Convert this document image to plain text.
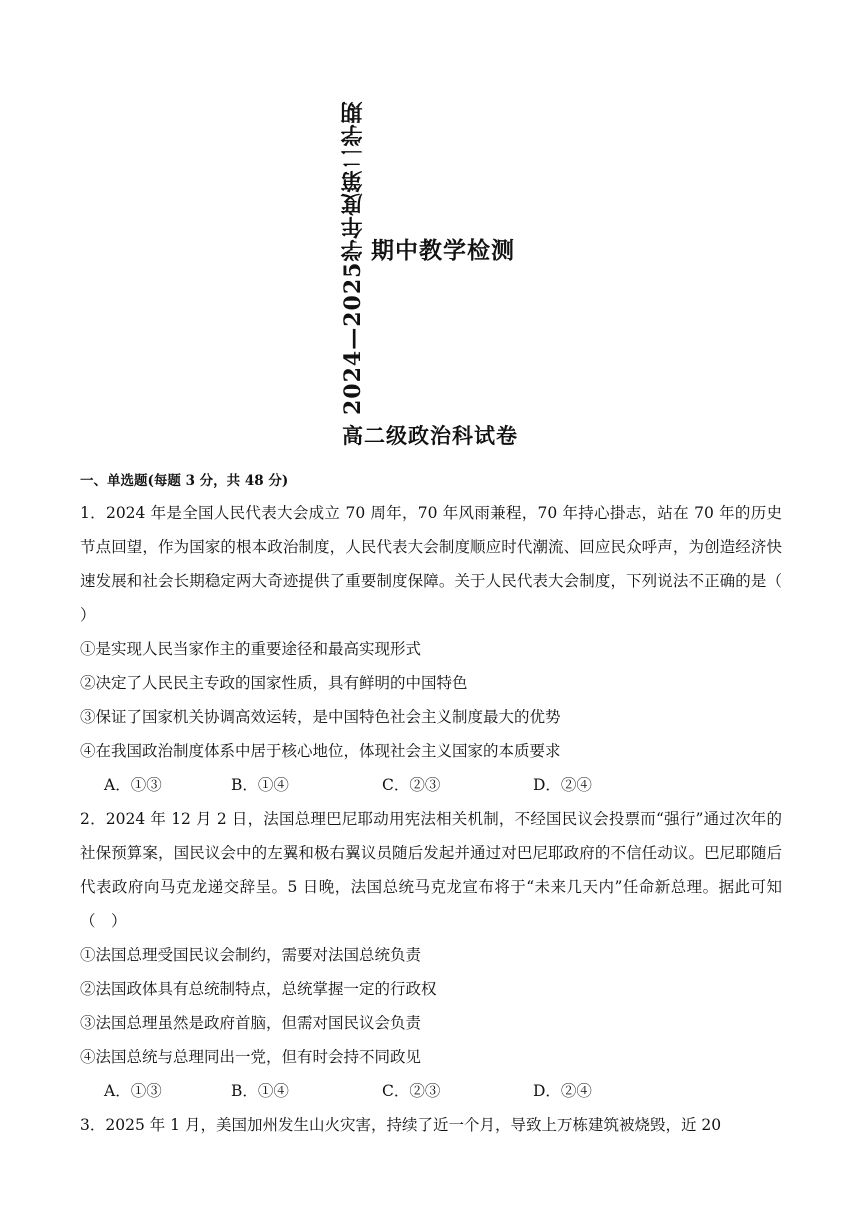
2024—2025学年度第二学期 期中教学检测
高二级政治科试卷
一、单选题(每题 3 分，共 48 分)
1．2024 年是全国人民代表大会成立 70 周年，70 年风雨兼程，70 年持心掛志，站在 70 年的历史节点回望，作为国家的根本政治制度，人民代表大会制度顺应时代潮流、回应民众呼声，为创造经济快速发展和社会长期稳定两大奇迹提供了重要制度保障。关于人民代表大会制度，下列说法不正确的是（ ）
①是实现人民当家作主的重要途径和最高实现形式
②决定了人民民主专政的国家性质，具有鲜明的中国特色
③保证了国家机关协调高效运转，是中国特色社会主义制度最大的优势
④在我国政治制度体系中居于核心地位，体现社会主义国家的本质要求
A．①③	B．①④	C．②③	D．②④
2．2024 年 12 月 2 日，法国总理巴尼耶动用宪法相关机制，不经国民议会投票而“强行”通过次年的社保预算案，国民议会中的左翼和极右翼议员随后发起并通过对巴尼耶政府的不信任动议。巴尼耶随后代表政府向马克龙递交辞呈。5 日晚，法国总统马克龙宣布将于“未来几天内”任命新总理。据此可知（　）
①法国总理受国民议会制约，需要对法国总统负责
②法国政体具有总统制特点，总统掌握一定的行政权
③法国总理虽然是政府首脑，但需对国民议会负责
④法国总统与总理同出一党，但有时会持不同政见
A．①③	B．①④	C．②③	D．②④
3．2025 年 1 月，美国加州发生山火灾害，持续了近一个月，导致上万栋建筑被烧毁，近 20
